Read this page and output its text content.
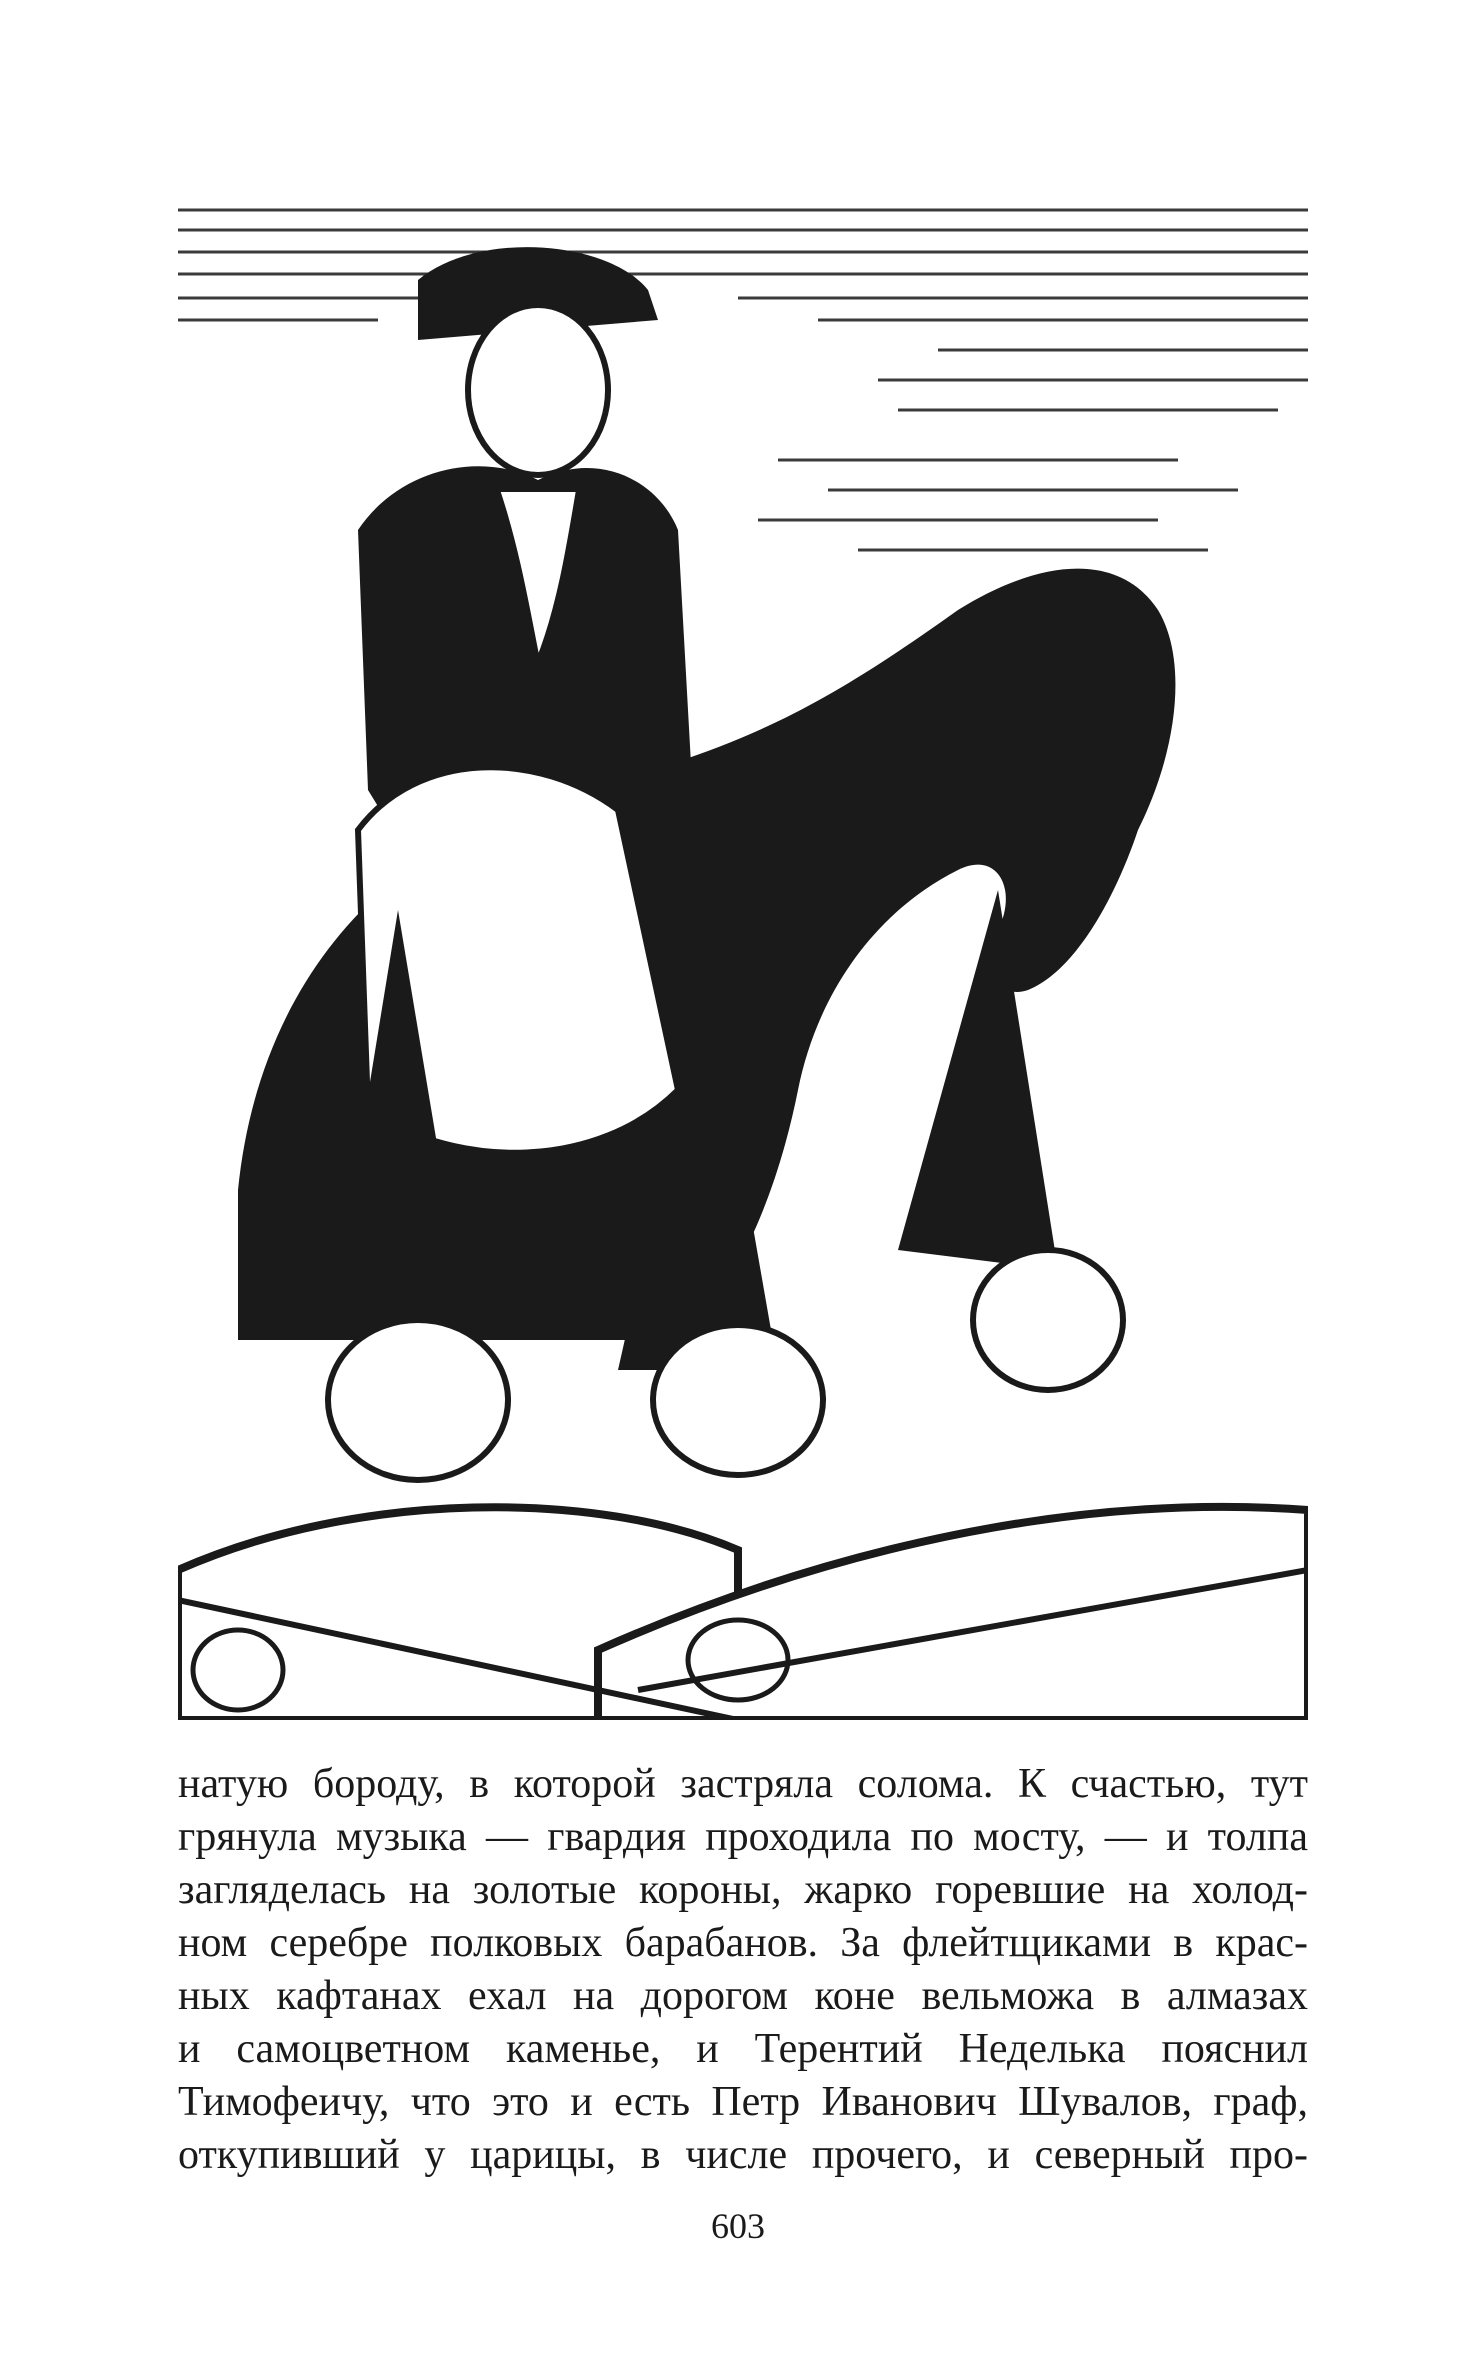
натую бороду, в которой застряла солома. К счастью, тут
грянула музыка — гвардия проходила по мосту, — и толпа
загляделась на золотые короны, жарко горевшие на холод-
ном серебре полковых барабанов. За флейтщиками в крас-
ных кафтанах ехал на дорогом коне вельможа в алмазах
и самоцветном каменье, и Терентий Неделька пояснил
Тимофеичу, что это и есть Петр Иванович Шувалов, граф,
откупивший у царицы, в числе прочего, и северный про-
603
